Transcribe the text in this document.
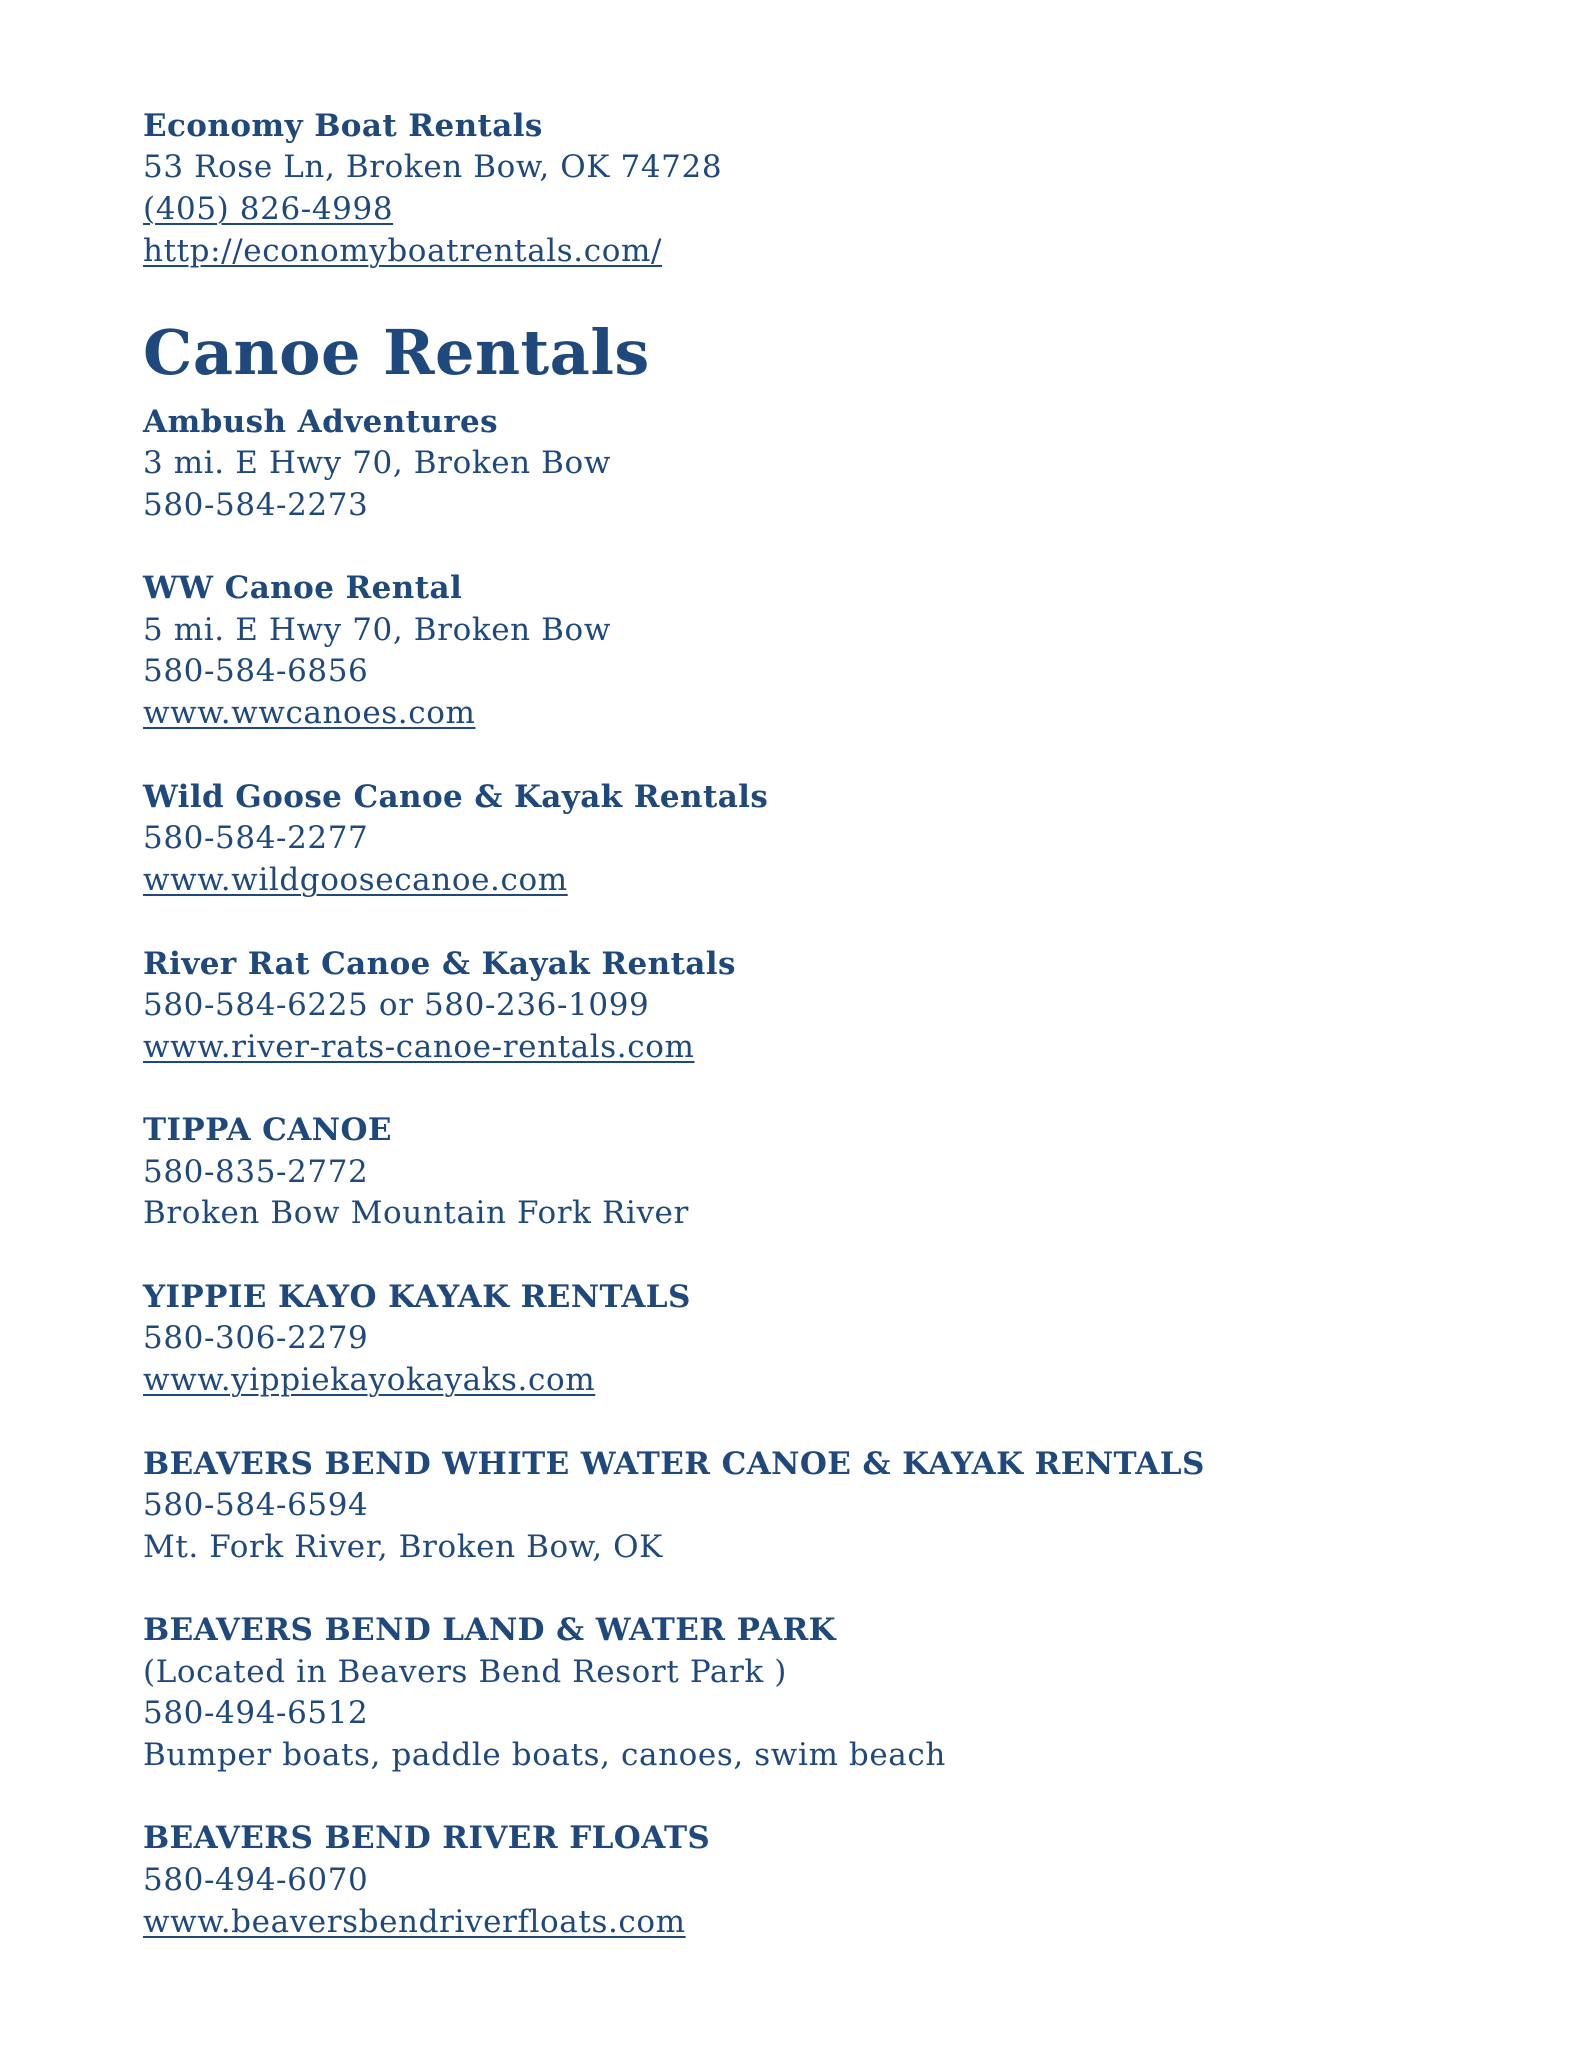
Economy Boat Rentals
53 Rose Ln, Broken Bow, OK 74728
(405) 826-4998
http://economyboatrentals.com/
Canoe Rentals
Ambush Adventures
3 mi. E Hwy 70, Broken Bow
580-584-2273
WW Canoe Rental
5 mi. E Hwy 70, Broken Bow
580-584-6856
www.wwcanoes.com
Wild Goose Canoe & Kayak Rentals
580-584-2277
www.wildgoosecanoe.com
River Rat Canoe & Kayak Rentals
580-584-6225 or 580-236-1099
www.river-rats-canoe-rentals.com
TIPPA CANOE
580-835-2772
Broken Bow Mountain Fork River
YIPPIE KAYO KAYAK RENTALS
580-306-2279
www.yippiekayokayaks.com
BEAVERS BEND WHITE WATER CANOE & KAYAK RENTALS
580-584-6594
Mt. Fork River, Broken Bow, OK
BEAVERS BEND LAND & WATER PARK
(Located in Beavers Bend Resort Park )
580-494-6512
Bumper boats, paddle boats, canoes, swim beach
BEAVERS BEND RIVER FLOATS
580-494-6070
www.beaversbendriverfloats.com
